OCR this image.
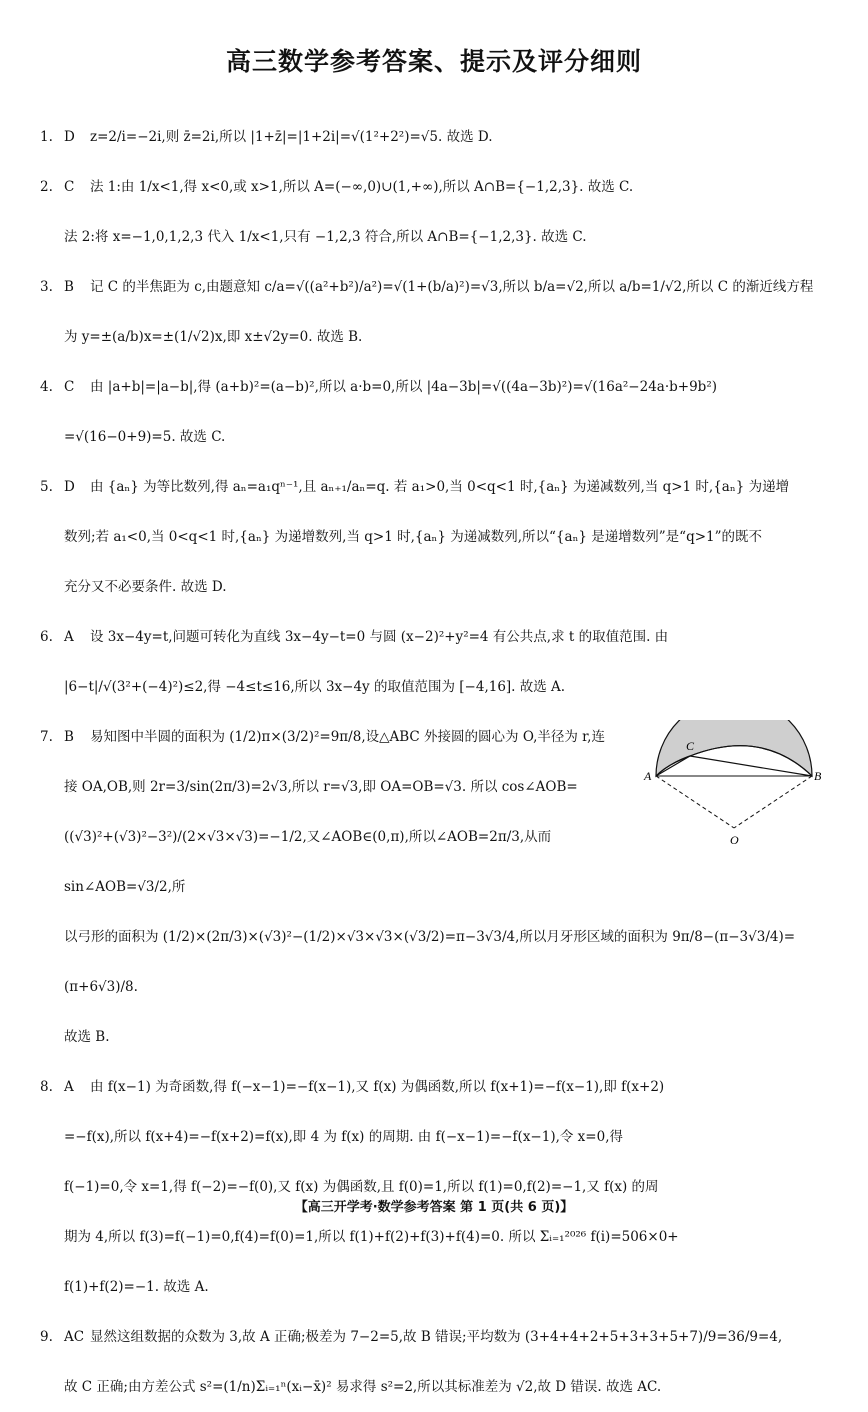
高三数学参考答案、提示及评分细则

1. D z=2/i=−2i,则 z̄=2i,所以 |1+z̄|=|1+2i|=√(1²+2²)=√5. 故选 D.

2. C 法 1:由 1/x<1,得 x<0,或 x>1,所以 A=(−∞,0)∪(1,+∞),所以 A∩B={−1,2,3}. 故选 C.

法 2:将 x=−1,0,1,2,3 代入 1/x<1,只有 −1,2,3 符合,所以 A∩B={−1,2,3}. 故选 C.

3. B 记 C 的半焦距为 c,由题意知 c/a=√((a²+b²)/a²)=√(1+(b/a)²)=√3,所以 b/a=√2,所以 a/b=1/√2,所以 C 的渐近线方程

为 y=±(a/b)x=±(1/√2)x,即 x±√2y=0. 故选 B.

4. C 由 |a+b|=|a−b|,得 (a+b)²=(a−b)²,所以 a·b=0,所以 |4a−3b|=√((4a−3b)²)=√(16a²−24a·b+9b²)

=√(16−0+9)=5. 故选 C.

5. D 由 {aₙ} 为等比数列,得 aₙ=a₁qⁿ⁻¹,且 aₙ₊₁/aₙ=q. 若 a₁>0,当 0<q<1 时,{aₙ} 为递减数列,当 q>1 时,{aₙ} 为递增

数列;若 a₁<0,当 0<q<1 时,{aₙ} 为递增数列,当 q>1 时,{aₙ} 为递减数列,所以“{aₙ} 是递增数列”是“q>1”的既不

充分又不必要条件. 故选 D.

6. A 设 3x−4y=t,问题可转化为直线 3x−4y−t=0 与圆 (x−2)²+y²=4 有公共点,求 t 的取值范围. 由

|6−t|/√(3²+(−4)²)≤2,得 −4≤t≤16,所以 3x−4y 的取值范围为 [−4,16]. 故选 A.

7. B 易知图中半圆的面积为 (1/2)π×(3/2)²=9π/8,设△ABC 外接圆的圆心为 O,半径为 r,连

接 OA,OB,则 2r=3/sin(2π/3)=2√3,所以 r=√3,即 OA=OB=√3. 所以 cos∠AOB=

((√3)²+(√3)²−3²)/(2×√3×√3)=−1/2,又∠AOB∈(0,π),所以∠AOB=2π/3,从而 sin∠AOB=√3/2,所

以弓形的面积为 (1/2)×(2π/3)×(√3)²−(1/2)×√3×√3×(√3/2)=π−3√3/4,所以月牙形区域的面积为 9π/8−(π−3√3/4)=(π+6√3)/8.

故选 B.

A	B
C
O

8. A 由 f(x−1) 为奇函数,得 f(−x−1)=−f(x−1),又 f(x) 为偶函数,所以 f(x+1)=−f(x−1),即 f(x+2)

=−f(x),所以 f(x+4)=−f(x+2)=f(x),即 4 为 f(x) 的周期. 由 f(−x−1)=−f(x−1),令 x=0,得

f(−1)=0,令 x=1,得 f(−2)=−f(0),又 f(x) 为偶函数,且 f(0)=1,所以 f(1)=0,f(2)=−1,又 f(x) 的周

期为 4,所以 f(3)=f(−1)=0,f(4)=f(0)=1,所以 f(1)+f(2)+f(3)+f(4)=0. 所以 Σᵢ₌₁²⁰²⁶ f(i)=506×0+

f(1)+f(2)=−1. 故选 A.

9. AC 显然这组数据的众数为 3,故 A 正确;极差为 7−2=5,故 B 错误;平均数为 (3+4+4+2+5+3+3+5+7)/9=36/9=4,

故 C 正确;由方差公式 s²=(1/n)Σᵢ₌₁ⁿ(xᵢ−x̄)² 易求得 s²=2,所以其标准差为 √2,故 D 错误. 故选 AC.

【高三开学考·数学参考答案 第 1 页(共 6 页)】
